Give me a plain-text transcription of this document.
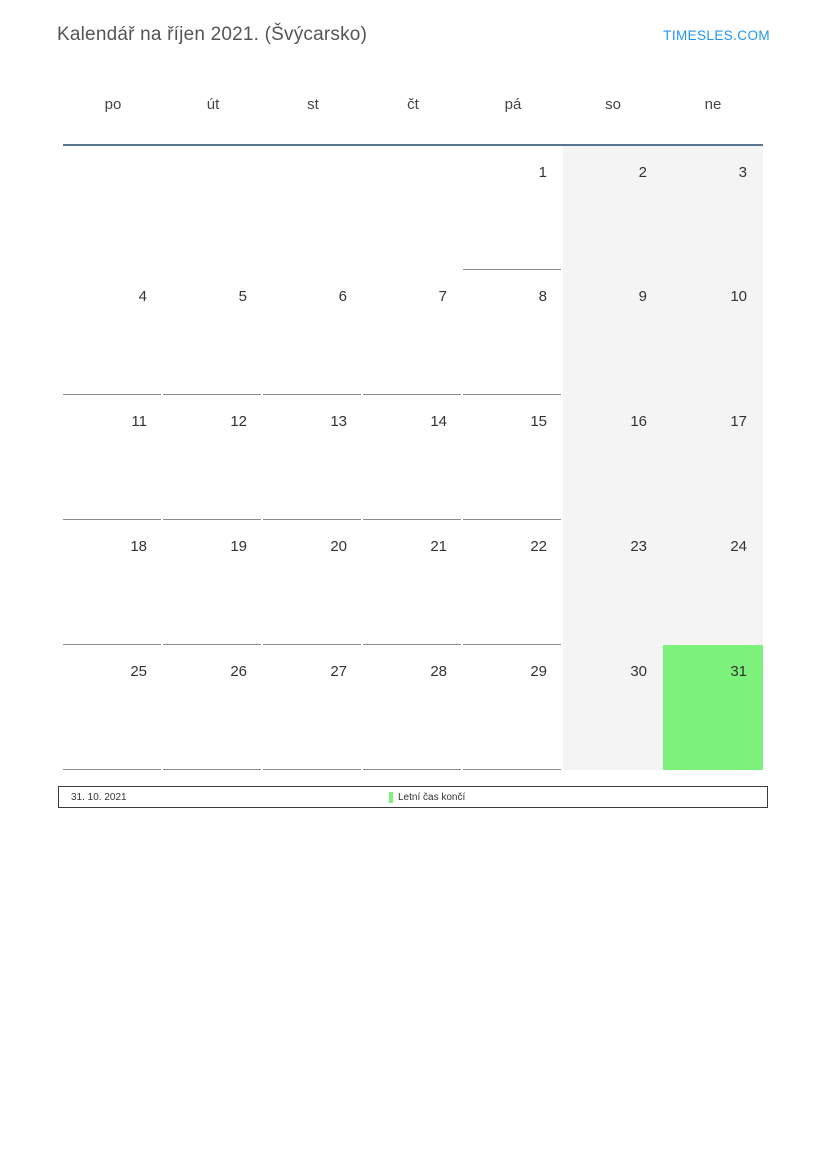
Kalendář na říjen 2021. (Švýcarsko)	TIMESLES.COM
po	út	st	čt	pá	so	ne

				1	2	3

4	5	6	7	8	9	10

11	12	13	14	15	16	17

18	19	20	21	22	23	24

25	26	27	28	29	30	31
31. 10. 2021	Letní čas končí
